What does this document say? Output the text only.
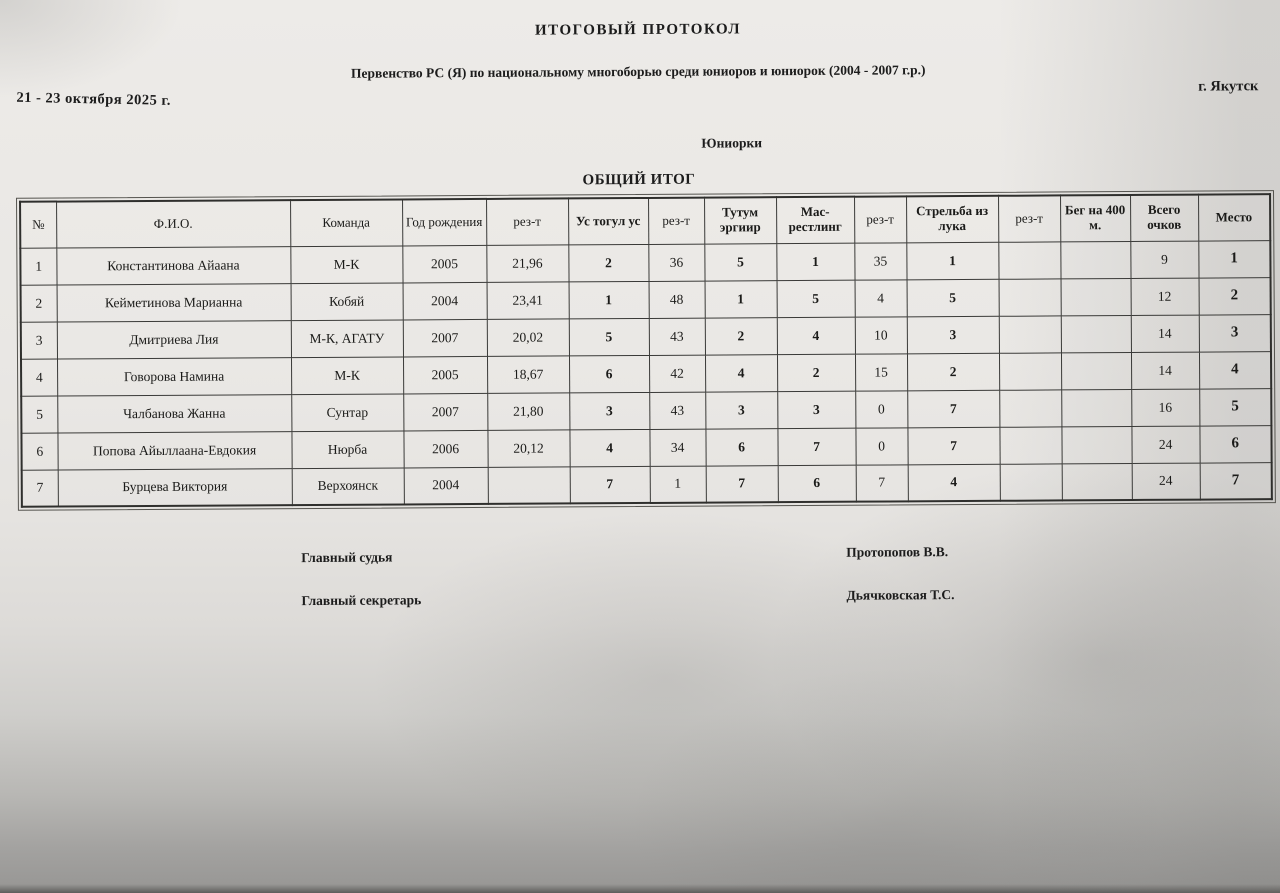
ИТОГОВЫЙ ПРОТОКОЛ
Первенство РС (Я) по национальному многоборью среди юниоров и юниорок (2004 - 2007 г.р.)
21 - 23 октября 2025 г.
г. Якутск
Юниорки
ОБЩИЙ ИТОГ
№	Ф.И.О.	Команда	Год рождения	рез-т	Ус тогул ус	рез-т	Тутум эргиир	Мас-рестлинг	рез-т	Стрельба из лука	рез-т	Бег на 400 м.	Всего очков	Место
1	Константинова Айаана	М-К	2005	21,96	2	36	5	1	35	1			9	1
2	Кейметинова Марианна	Кобяй	2004	23,41	1	48	1	5	4	5			12	2
3	Дмитриева Лия	М-К, АГАТУ	2007	20,02	5	43	2	4	10	3			14	3
4	Говорова Намина	М-К	2005	18,67	6	42	4	2	15	2			14	4
5	Чалбанова Жанна	Сунтар	2007	21,80	3	43	3	3	0	7			16	5
6	Попова Айыллаана-Евдокия	Нюрба	2006	20,12	4	34	6	7	0	7			24	6
7	Бурцева Виктория	Верхоянск	2004		7	1	7	6	7	4			24	7
Главный судья	Протопопов В.В.
Главный секретарь	Дьячковская Т.С.
